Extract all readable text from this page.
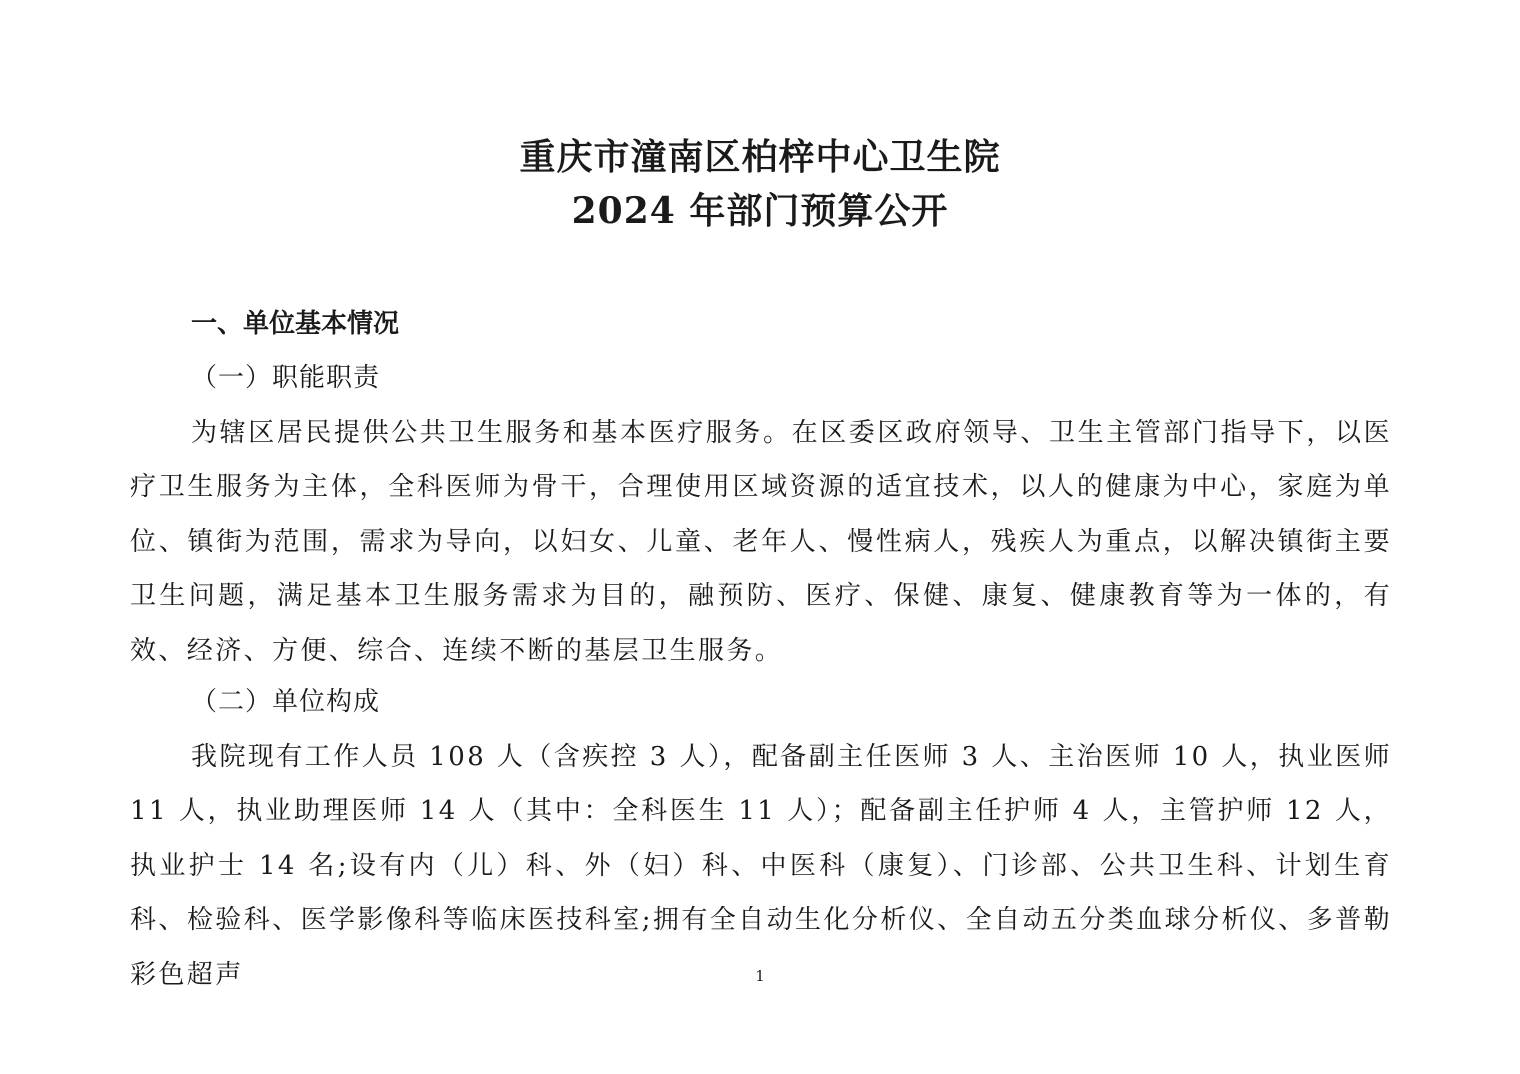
重庆市潼南区柏梓中心卫生院
2024 年部门预算公开
一、单位基本情况
（一）职能职责

为辖区居民提供公共卫生服务和基本医疗服务。在区委区政府领导、卫生主管部门指导下，以医疗卫生服务为主体，全科医师为骨干，合理使用区域资源的适宜技术，以人的健康为中心，家庭为单位、镇街为范围，需求为导向，以妇女、儿童、老年人、慢性病人，残疾人为重点，以解决镇街主要卫生问题，满足基本卫生服务需求为目的，融预防、医疗、保健、康复、健康教育等为一体的，有效、经济、方便、综合、连续不断的基层卫生服务。

（二）单位构成

我院现有工作人员 108 人（含疾控 3 人），配备副主任医师 3 人、主治医师 10 人，执业医师 11 人，执业助理医师 14 人（其中：全科医生 11 人）；配备副主任护师 4 人，主管护师 12 人，执业护士 14 名;设有内（儿）科、外（妇）科、中医科（康复）、门诊部、公共卫生科、计划生育科、检验科、医学影像科等临床医技科室;拥有全自动生化分析仪、全自动五分类血球分析仪、多普勒彩色超声	1
